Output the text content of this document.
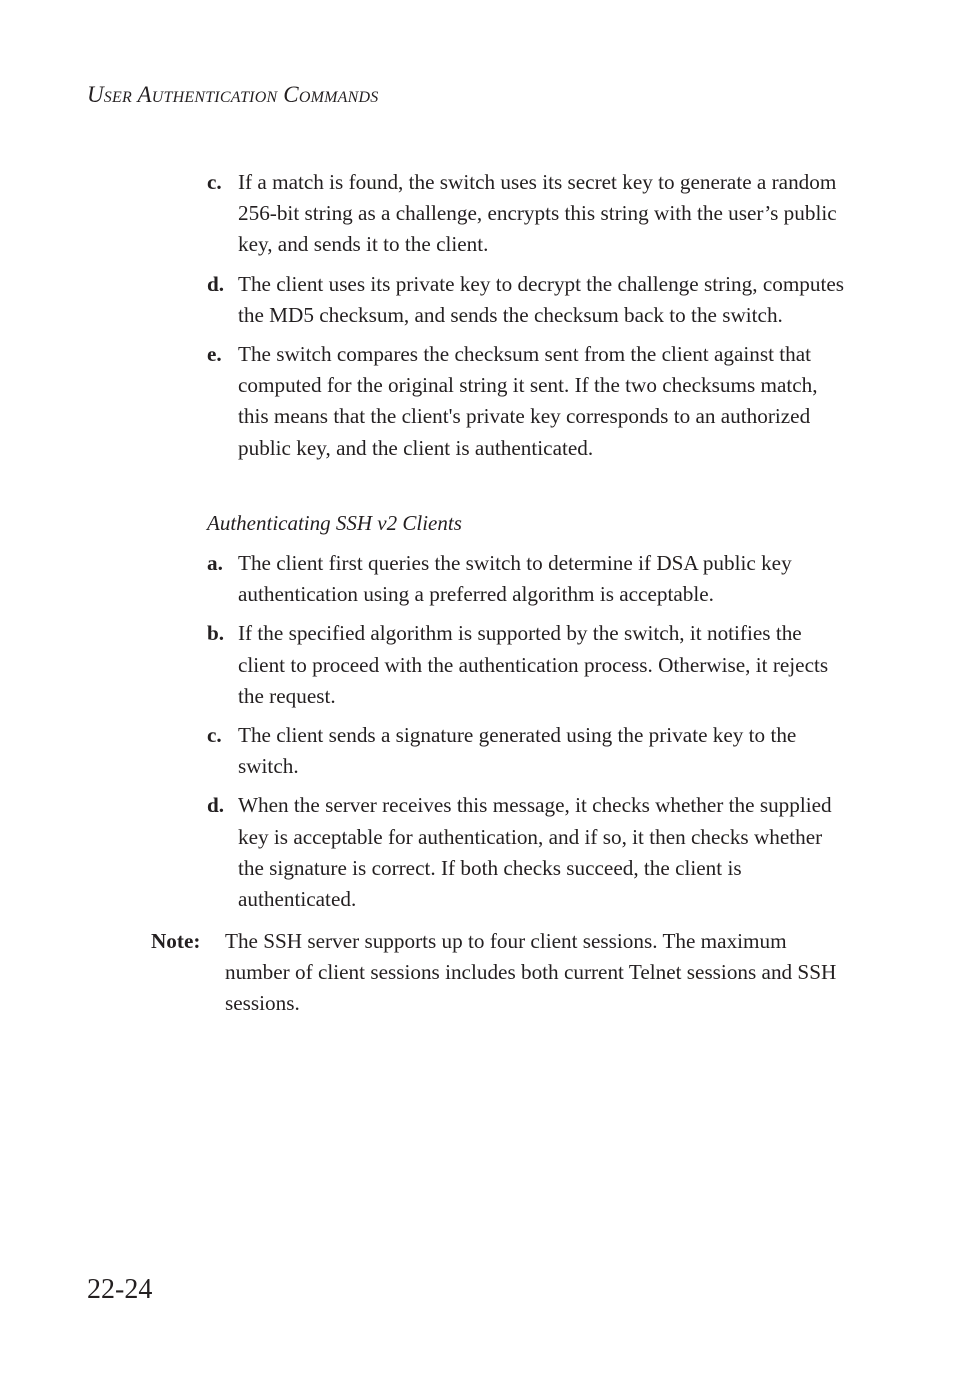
User Authentication Commands
c. If a match is found, the switch uses its secret key to generate a random 256-bit string as a challenge, encrypts this string with the user’s public key, and sends it to the client.
d. The client uses its private key to decrypt the challenge string, computes the MD5 checksum, and sends the checksum back to the switch.
e. The switch compares the checksum sent from the client against that computed for the original string it sent. If the two checksums match, this means that the client's private key corresponds to an authorized public key, and the client is authenticated.
Authenticating SSH v2 Clients
a. The client first queries the switch to determine if DSA public key authentication using a preferred algorithm is acceptable.
b. If the specified algorithm is supported by the switch, it notifies the client to proceed with the authentication process. Otherwise, it rejects the request.
c. The client sends a signature generated using the private key to the switch.
d. When the server receives this message, it checks whether the supplied key is acceptable for authentication, and if so, it then checks whether the signature is correct. If both checks succeed, the client is authenticated.
Note:	The SSH server supports up to four client sessions. The maximum number of client sessions includes both current Telnet sessions and SSH sessions.
22-24
